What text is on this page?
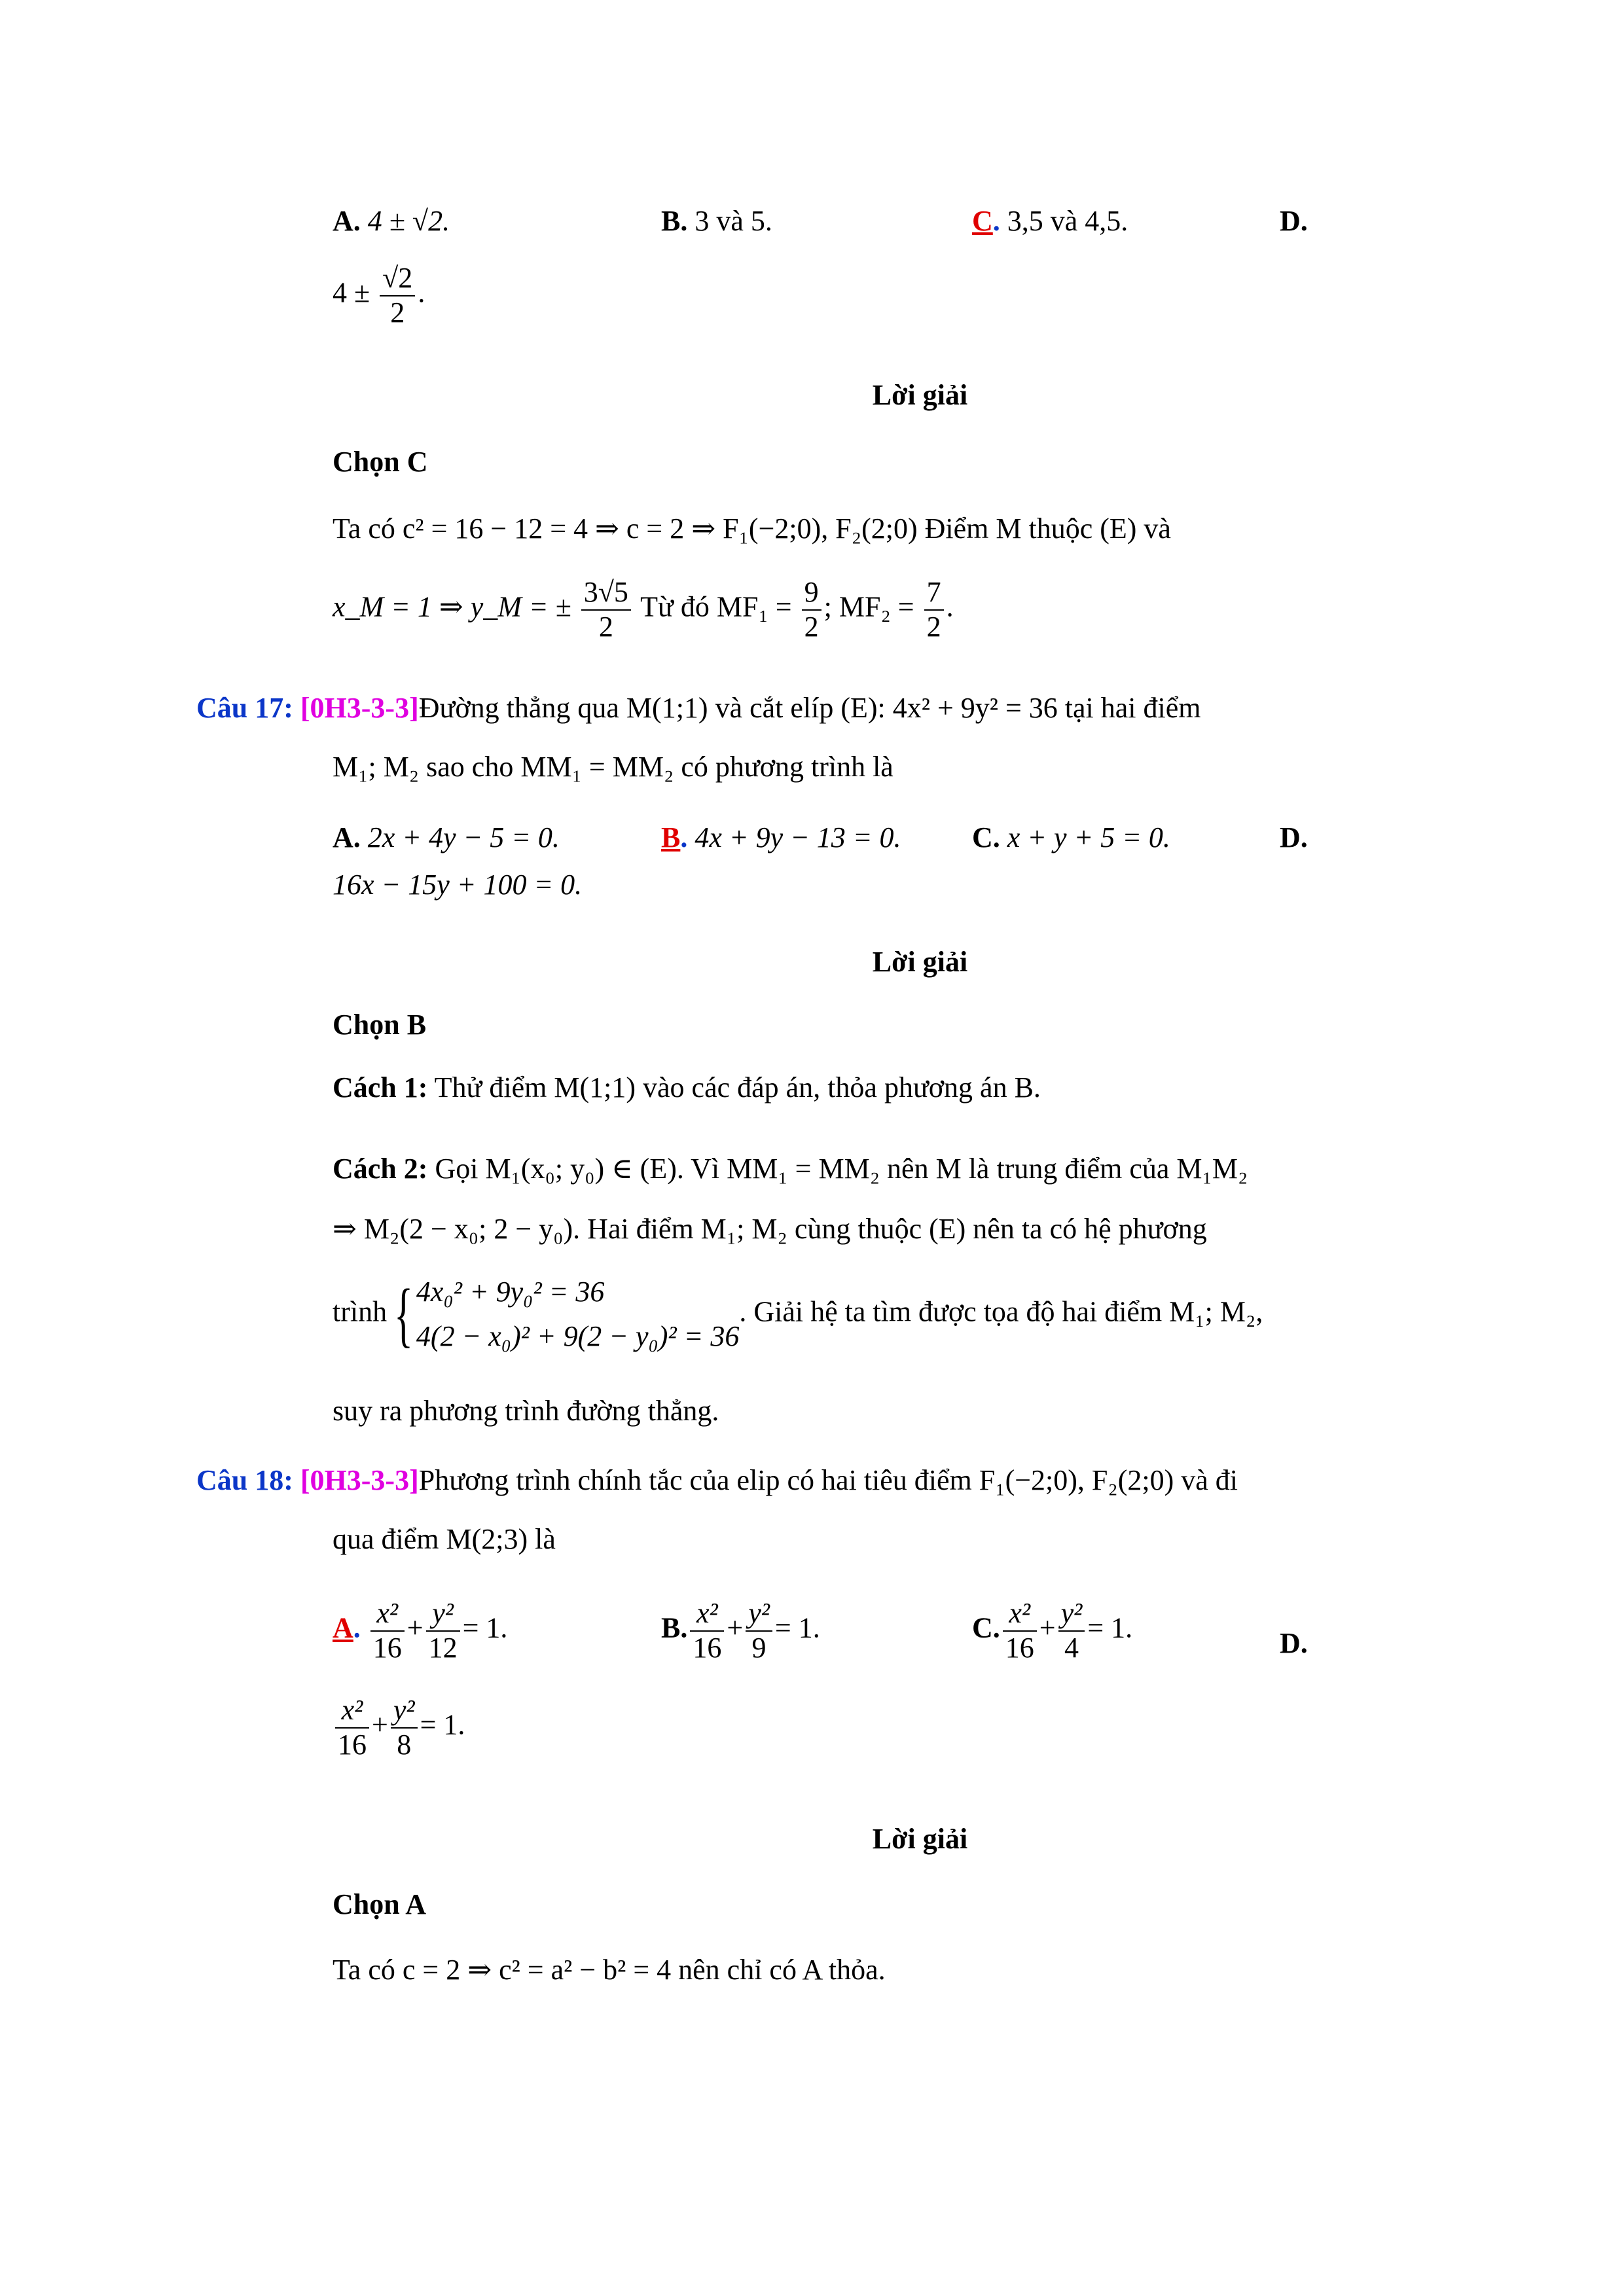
A. 4 ± √2.	B. 3 và 5.	C. 3,5 và 4,5.	D.
$4 \pm \frac{√2}{2}$ .
Lời giải
Chọn C
Ta có c² = 16 − 12 = 4 ⇒ c = 2 ⇒ F₁(−2;0), F₂(2;0) Điểm M thuộc (E) và
x_M = 1 ⇒ y_M = ± $\frac{3√5}{2}$ Từ đó $MF_1 = \frac{9}{2}$ ; $MF_2 = \frac{7}{2}$ .
Câu 17: [0H3-3-3]Đường thẳng qua M(1;1) và cắt elíp (E): 4x² + 9y² = 36 tại hai điểm
M₁; M₂ sao cho MM₁ = MM₂ có phương trình là
A. 2x + 4y − 5 = 0.	B. 4x + 9y − 13 = 0. C. x + y + 5 = 0.	D.
16x − 15y + 100 = 0.
Lời giải
Chọn B
Cách 1: Thử điểm M(1;1) vào các đáp án, thỏa phương án B.
Cách 2: Gọi M₁(x₀; y₀) ∈ (E). Vì MM₁ = MM₂ nên M là trung điểm của M₁M₂
⇒ M₂(2 − x₀; 2 − y₀). Hai điểm M₁; M₂ cùng thuộc (E) nên ta có hệ phương
trình { 4x₀² + 9y₀² = 36
4(2 − x₀)² + 9(2 − y₀)² = 36
. Giải hệ ta tìm được tọa độ hai điểm M₁; M₂,
suy ra phương trình đường thẳng.
Câu 18: [0H3-3-3]Phương trình chính tắc của elip có hai tiêu điểm F₁(−2;0), F₂(2;0) và đi
qua điểm M(2;3) là
A. $\frac{\text{x²}}{16} + \frac{\text{y²}}{12} = 1$.	B. $\frac{\text{x²}}{16} + \frac{\text{y²}}{9} = 1$.	C. $\frac{\text{x²}}{16} + \frac{\text{y²}}{4} = 1$.	D.
$\frac{\text{x²}}{16} + \frac{\text{y²}}{8} = 1$.
Lời giải
Chọn A
Ta có c = 2 ⇒ c² = a² − b² = 4 nên chỉ có A thỏa.
